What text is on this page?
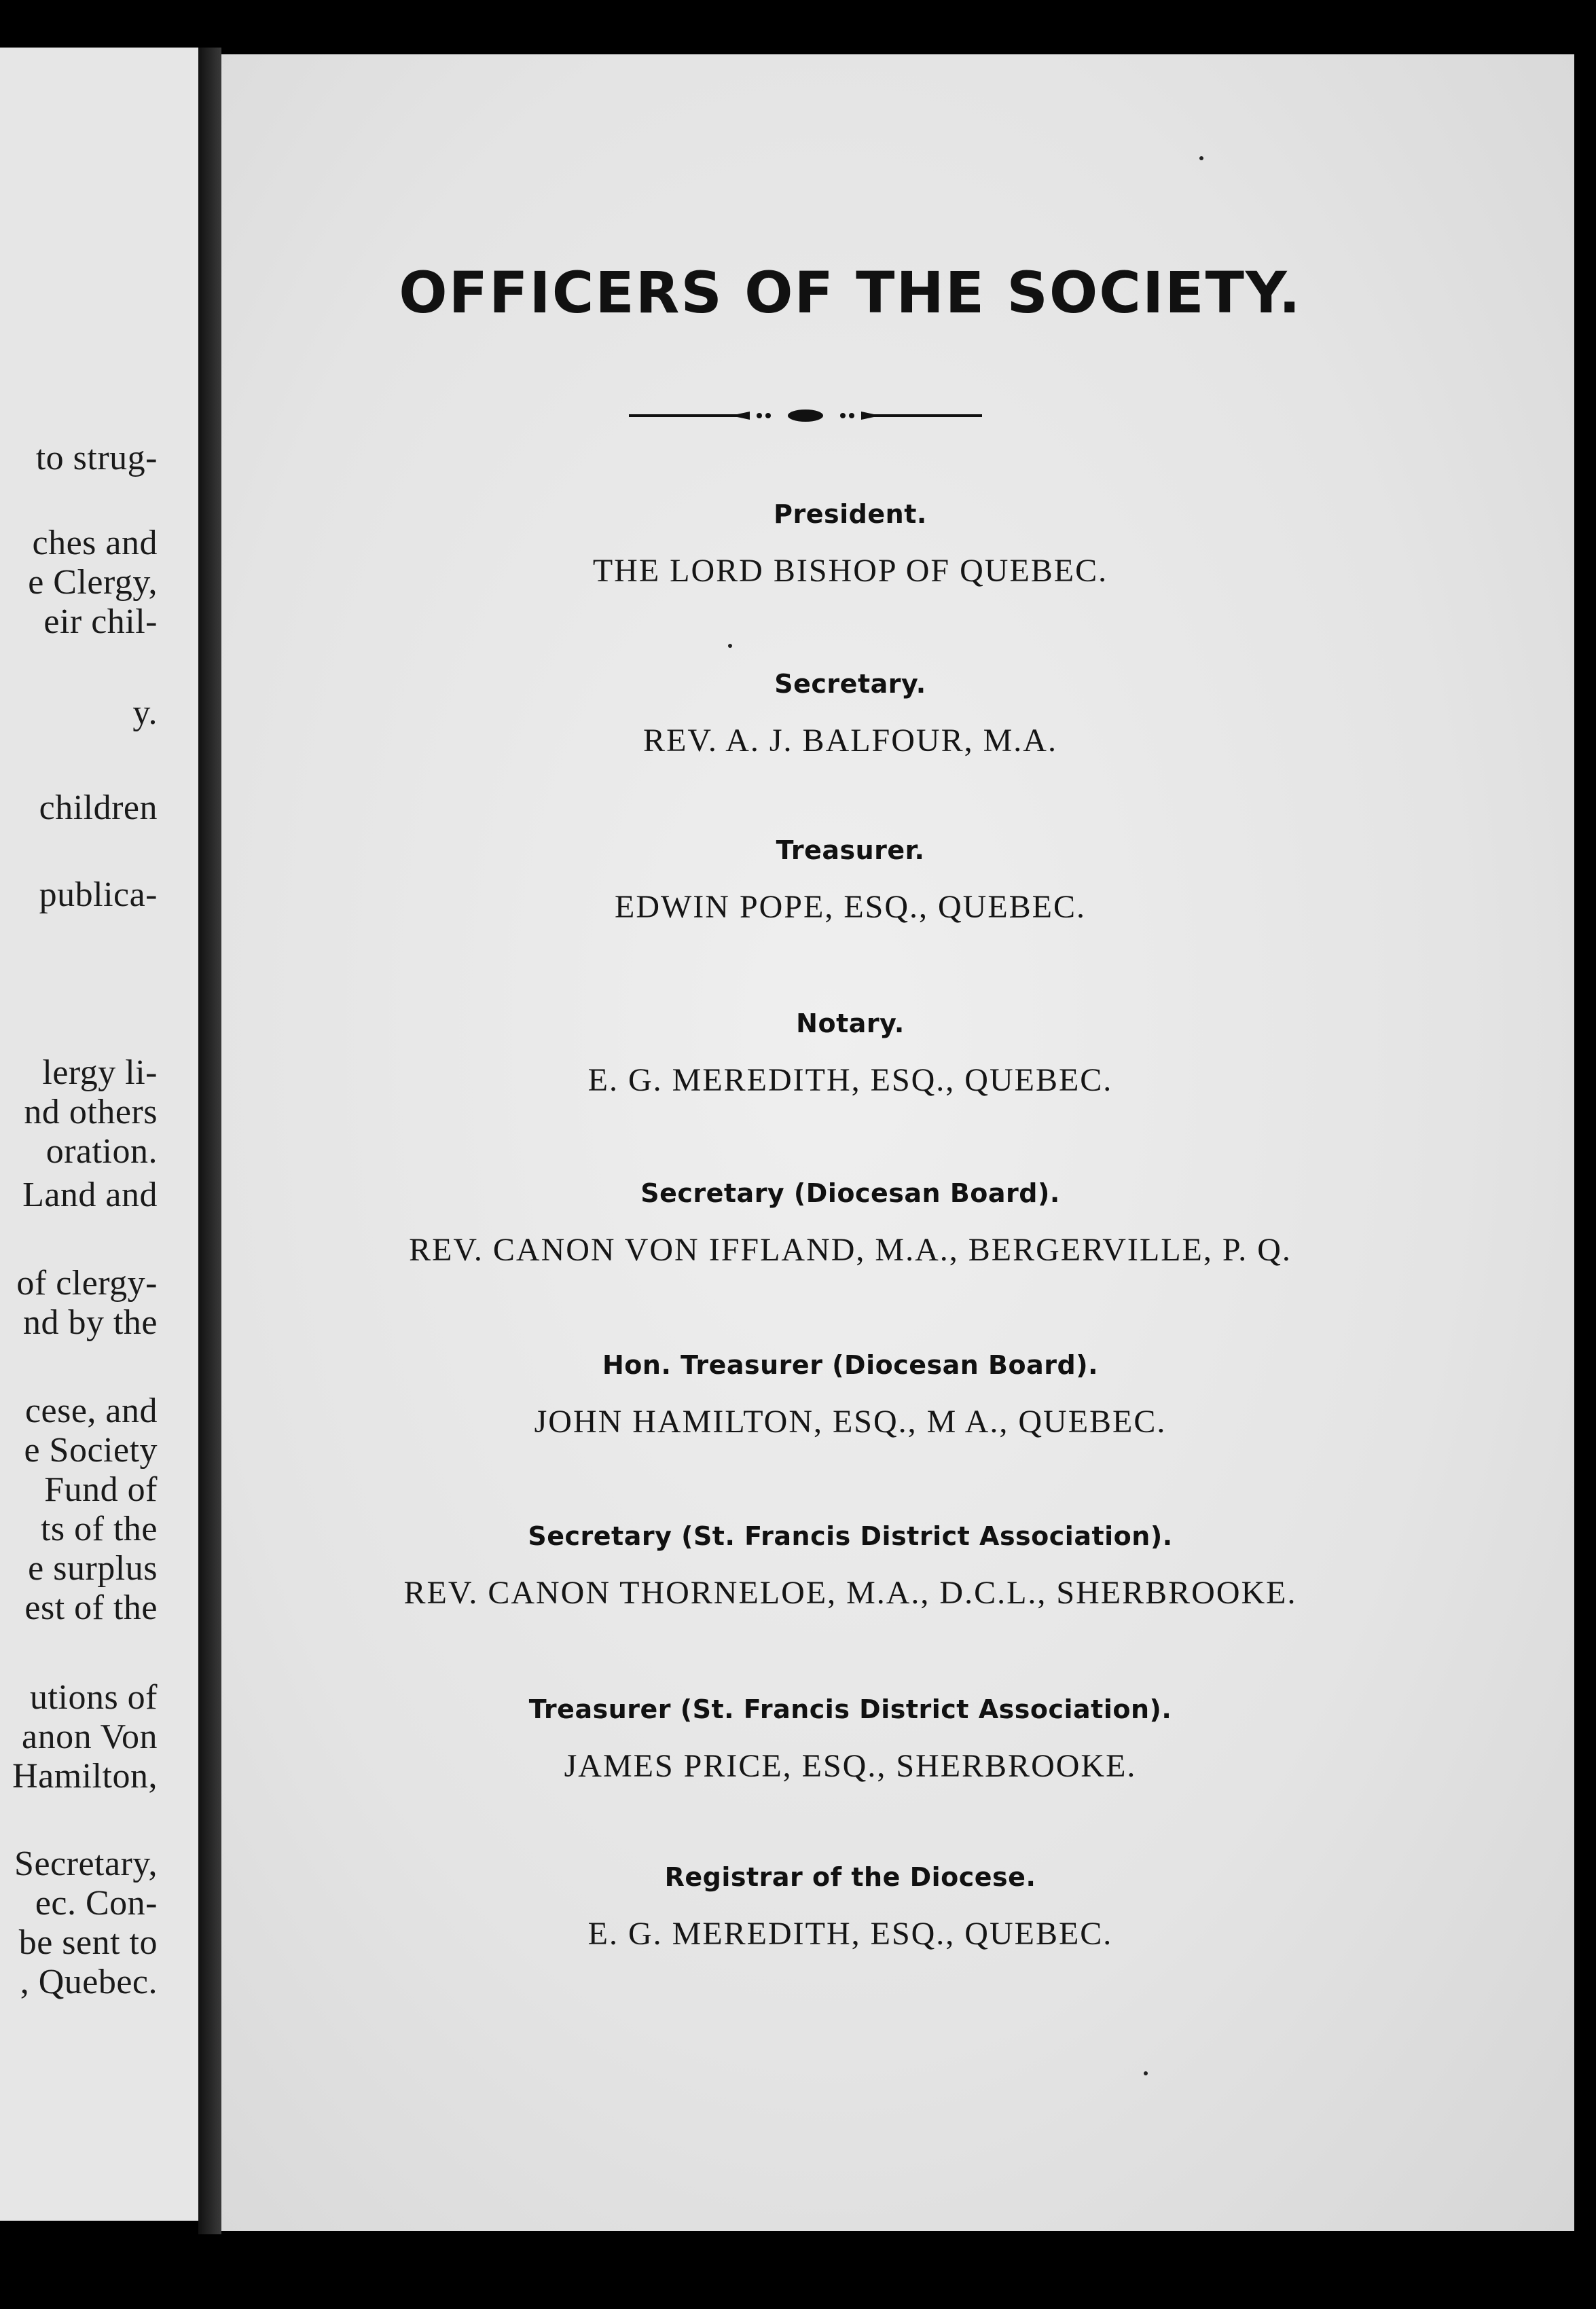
to strug-
ches and
e Clergy,
eir chil-
y.
children
publica-
lergy li-
nd others
oration.
Land and
of clergy-
nd by the
cese, and
e Society
Fund of
ts of the
e surplus
est of the
utions of
anon Von
Hamilton,
Secretary,
ec. Con-
be sent to
, Quebec.
OFFICERS OF THE SOCIETY.
President.
THE LORD BISHOP OF QUEBEC.
Secretary.
REV. A. J. BALFOUR, M.A.
Treasurer.
EDWIN POPE, ESQ., QUEBEC.
Notary.
E. G. MEREDITH, ESQ., QUEBEC.
Secretary (Diocesan Board).
REV. CANON VON IFFLAND, M.A., BERGERVILLE, P. Q.
Hon. Treasurer (Diocesan Board).
JOHN HAMILTON, ESQ., M A., QUEBEC.
Secretary (St. Francis District Association).
REV. CANON THORNELOE, M.A., D.C.L., SHERBROOKE.
Treasurer (St. Francis District Association).
JAMES PRICE, ESQ., SHERBROOKE.
Registrar of the Diocese.
E. G. MEREDITH, ESQ., QUEBEC.
